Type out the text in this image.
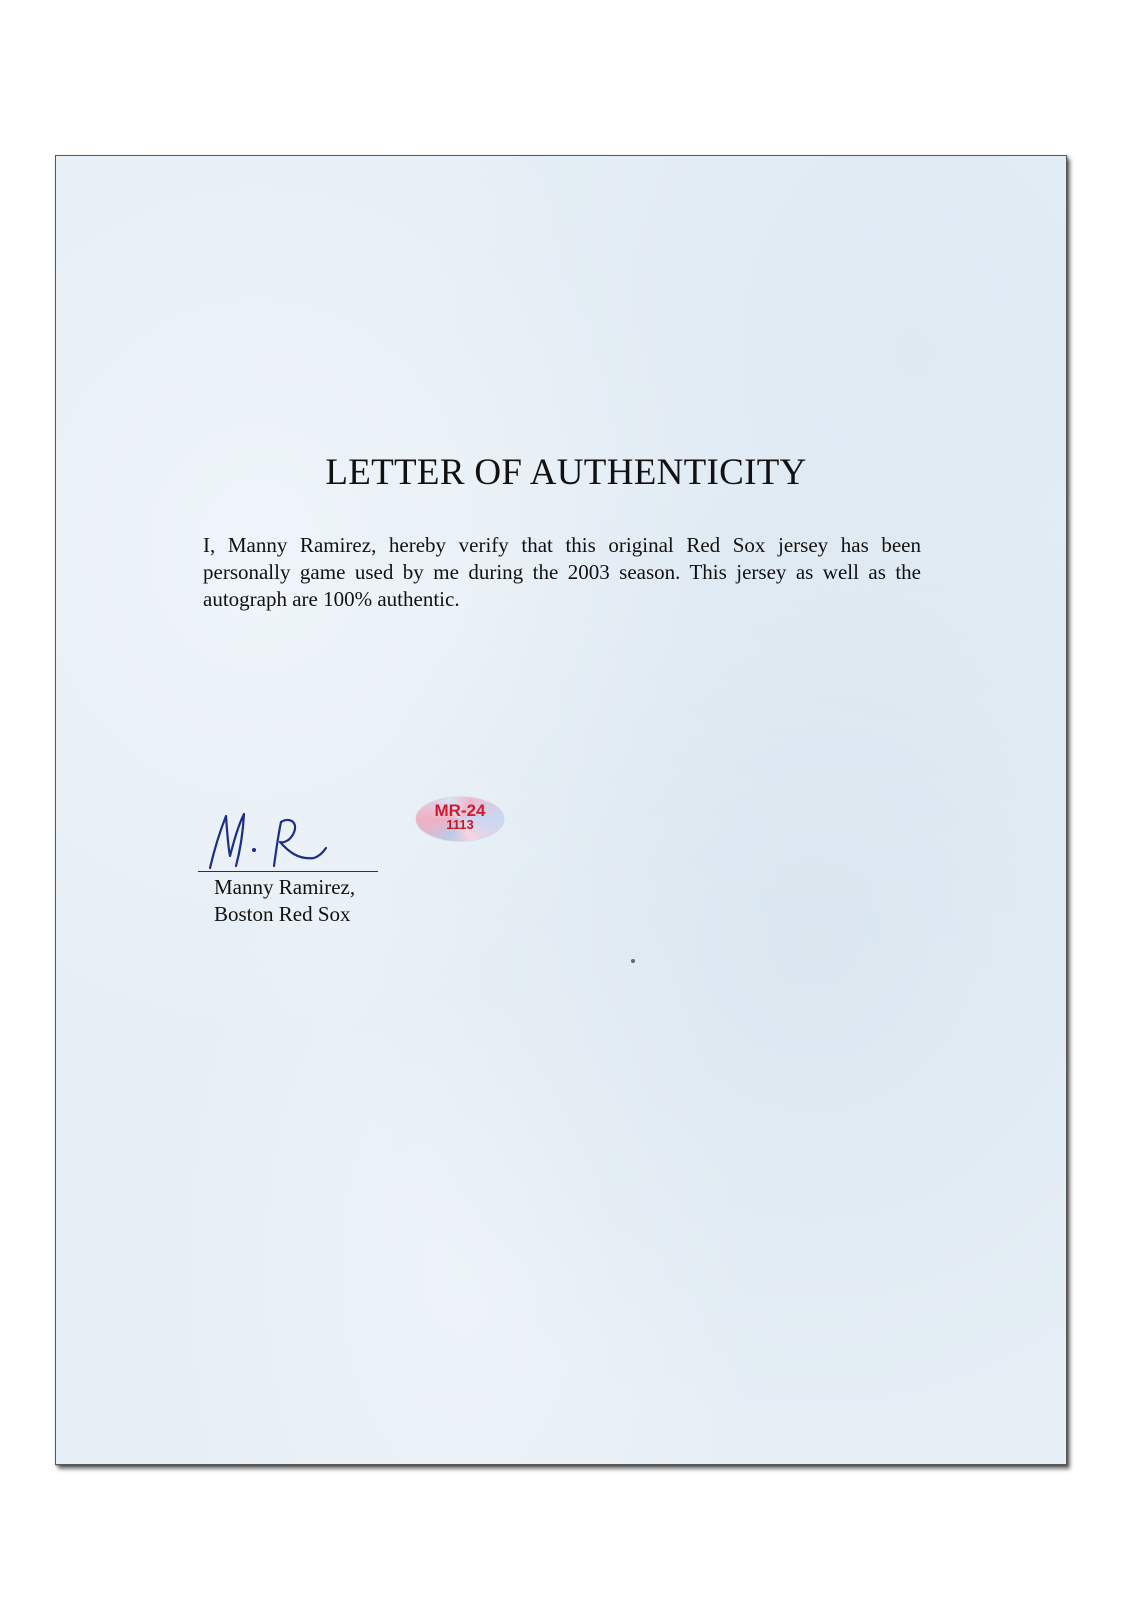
LETTER OF AUTHENTICITY

I, Manny Ramirez, hereby verify that this original Red Sox jersey has been personally game used by me during the 2003 season. This jersey as well as the autograph are 100% authentic.

Manny Ramirez,
Boston Red Sox
MR-24
1113
